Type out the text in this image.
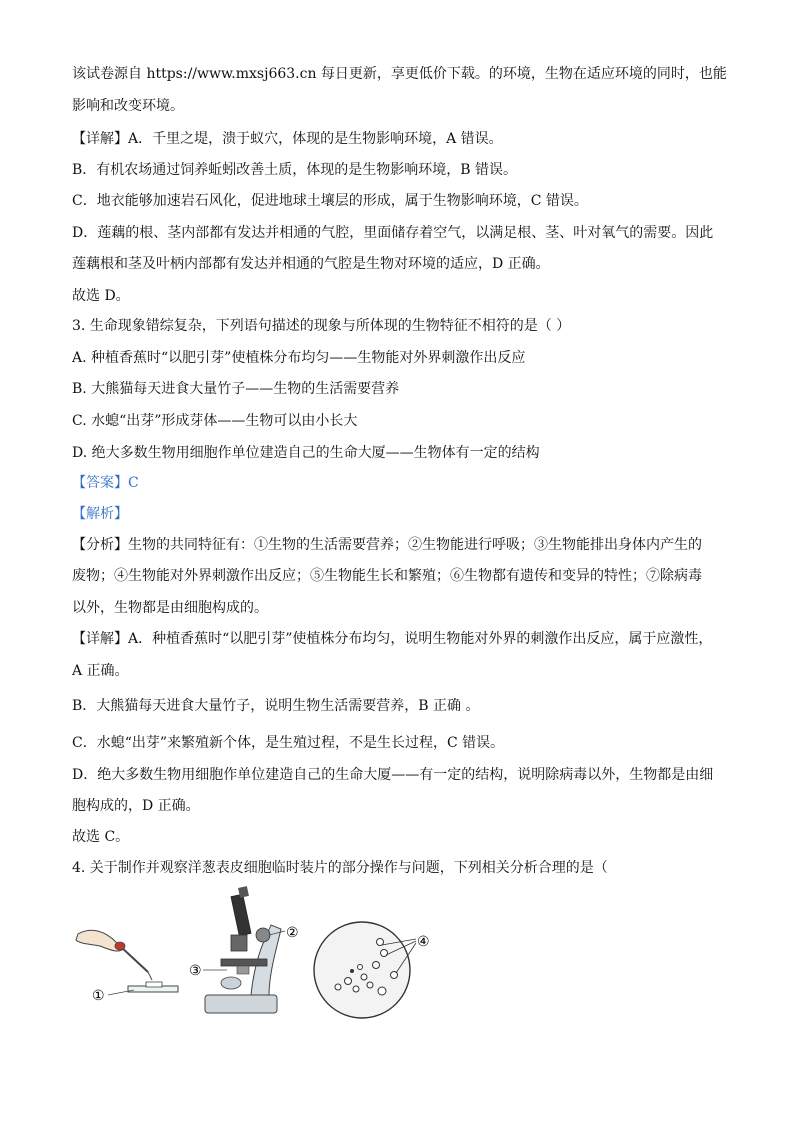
该试卷源自 https://www.mxsj663.cn 每日更新，享更低价下载。的环境，生物在适应环境的同时，也能
影响和改变环境。
【详解】A．千里之堤，溃于蚁穴，体现的是生物影响环境，A 错误。
B．有机农场通过饲养蚯蚓改善土质，体现的是生物影响环境，B 错误。
C．地衣能够加速岩石风化，促进地球土壤层的形成，属于生物影响环境，C 错误。
D．莲藕的根、茎内部都有发达并相通的气腔，里面储存着空气，以满足根、茎、叶对氧气的需要。因此
莲藕根和茎及叶柄内部都有发达并相通的气腔是生物对环境的适应，D 正确。
故选 D。
3. 生命现象错综复杂，下列语句描述的现象与所体现的生物特征不相符的是（ ）
A. 种植香蕉时“以肥引芽”使植株分布均匀——生物能对外界刺激作出反应
B. 大熊猫每天进食大量竹子——生物的生活需要营养
C. 水螅“出芽”形成芽体——生物可以由小长大
D. 绝大多数生物用细胞作单位建造自己的生命大厦——生物体有一定的结构
【答案】C
【解析】
【分析】生物的共同特征有：①生物的生活需要营养；②生物能进行呼吸；③生物能排出身体内产生的
废物；④生物能对外界刺激作出反应；⑤生物能生长和繁殖；⑥生物都有遗传和变异的特性；⑦除病毒
以外，生物都是由细胞构成的。
【详解】A．种植香蕉时“以肥引芽”使植株分布均匀，说明生物能对外界的刺激作出反应，属于应激性，
A 正确。
B．大熊猫每天进食大量竹子，说明生物生活需要营养，B 正确 。
C．水螅“出芽”来繁殖新个体，是生殖过程，不是生长过程，C 错误。
D．绝大多数生物用细胞作单位建造自己的生命大厦——有一定的结构，说明除病毒以外，生物都是由细
胞构成的，D 正确。
故选 C。
4. 关于制作并观察洋葱表皮细胞临时装片的部分操作与问题，下列相关分析合理的是（
①
③
②
④
